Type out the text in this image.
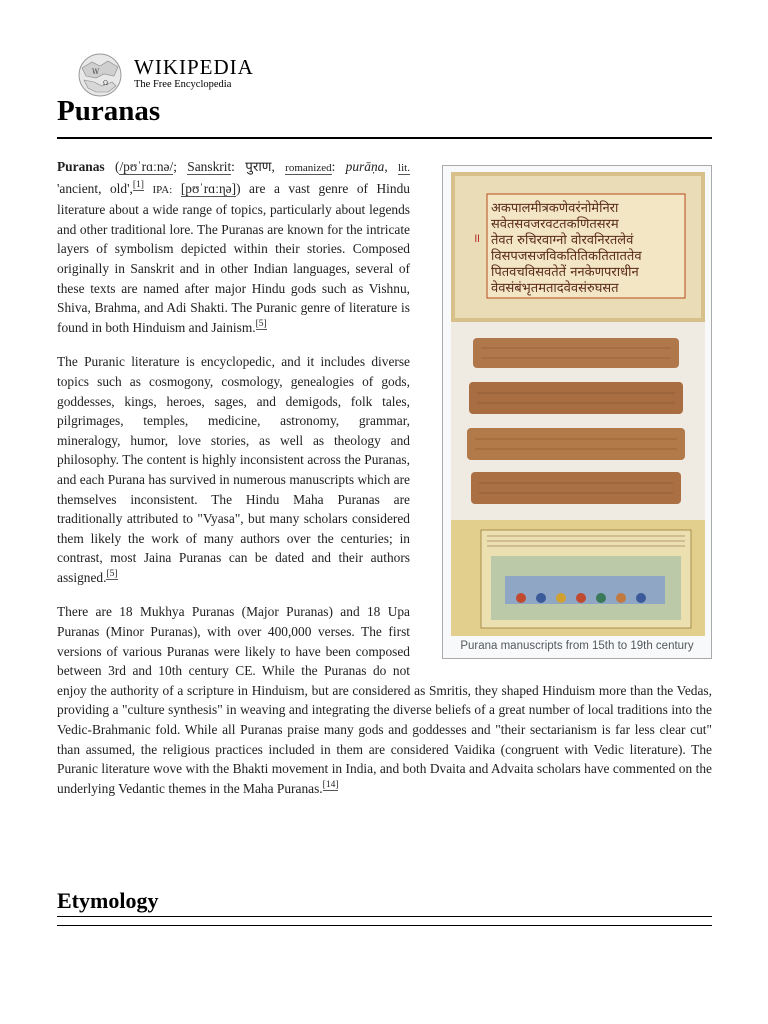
W
Ω
WIKIPEDIA
The Free Encyclopedia
Puranas
॥
अकपालमीत्रकणेवरंनोमेनिरा
सवेतसवजरवटतकणितसरम
तेवत रुचिरवाग्नो वोरवनिरतलेवं
विसपजसजविकतितिकतिताततेव
पितवचविसवतेतें ननकेणपराधीन
वेवसंबंभृतमतादवेवसंरुघसत
Purana manuscripts from 15th to 19th century

Puranas (/pʊˈrɑːnə/; Sanskrit: पुराण, romanized: purāṇa, lit. 'ancient, old',[1] IPA: [pʊˈrɑːɳə]) are a vast genre of Hindu literature about a wide range of topics, particularly about legends and other traditional lore. The Puranas are known for the intricate layers of symbolism depicted within their stories. Composed originally in Sanskrit and in other Indian languages, several of these texts are named after major Hindu gods such as Vishnu, Shiva, Brahma, and Adi Shakti. The Puranic genre of literature is found in both Hinduism and Jainism.[5]

The Puranic literature is encyclopedic, and it includes diverse topics such as cosmogony, cosmology, genealogies of gods, goddesses, kings, heroes, sages, and demigods, folk tales, pilgrimages, temples, medicine, astronomy, grammar, mineralogy, humor, love stories, as well as theology and philosophy. The content is highly inconsistent across the Puranas, and each Purana has survived in numerous manuscripts which are themselves inconsistent. The Hindu Maha Puranas are traditionally attributed to "Vyasa", but many scholars considered them likely the work of many authors over the centuries; in contrast, most Jaina Puranas can be dated and their authors assigned.[5]

There are 18 Mukhya Puranas (Major Puranas) and 18 Upa Puranas (Minor Puranas), with over 400,000 verses. The first versions of various Puranas were likely to have been composed between 3rd and 10th century CE. While the Puranas do not enjoy the authority of a scripture in Hinduism, but are considered as Smritis, they shaped Hinduism more than the Vedas, providing a "culture synthesis" in weaving and integrating the diverse beliefs of a great number of local traditions into the Vedic-Brahmanic fold. While all Puranas praise many gods and goddesses and "their sectarianism is far less clear cut" than assumed, the religious practices included in them are considered Vaidika (congruent with Vedic literature). The Puranic literature wove with the Bhakti movement in India, and both Dvaita and Advaita scholars have commented on the underlying Vedantic themes in the Maha Puranas.[14]

Etymology
